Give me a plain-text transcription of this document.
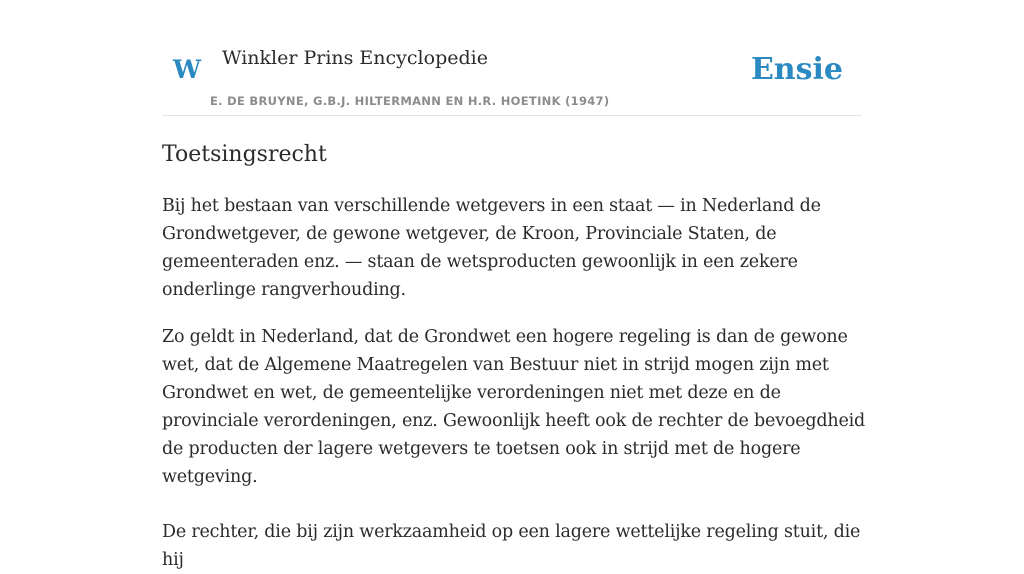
W Winkler Prins Encyclopedie
E. DE BRUYNE, G.B.J. HILTERMANN EN H.R. HOETINK (1947)
Ensie
Toetsingsrecht

Bij het bestaan van verschillende wetgevers in een staat — in Nederland de Grondwetgever, de gewone wetgever, de Kroon, Provinciale Staten, de gemeenteraden enz. — staan de wetsproducten gewoonlijk in een zekere onderlinge rangverhouding.

Zo geldt in Nederland, dat de Grondwet een hogere regeling is dan de gewone wet, dat de Algemene Maatregelen van Bestuur niet in strijd mogen zijn met Grondwet en wet, de gemeentelijke verordeningen niet met deze en de provinciale verordeningen, enz. Gewoonlijk heeft ook de rechter de bevoegdheid de producten der lagere wetgevers te toetsen ook in strijd met de hogere wetgeving.

De rechter, die bij zijn werkzaamheid op een lagere wettelijke regeling stuit, die hij
